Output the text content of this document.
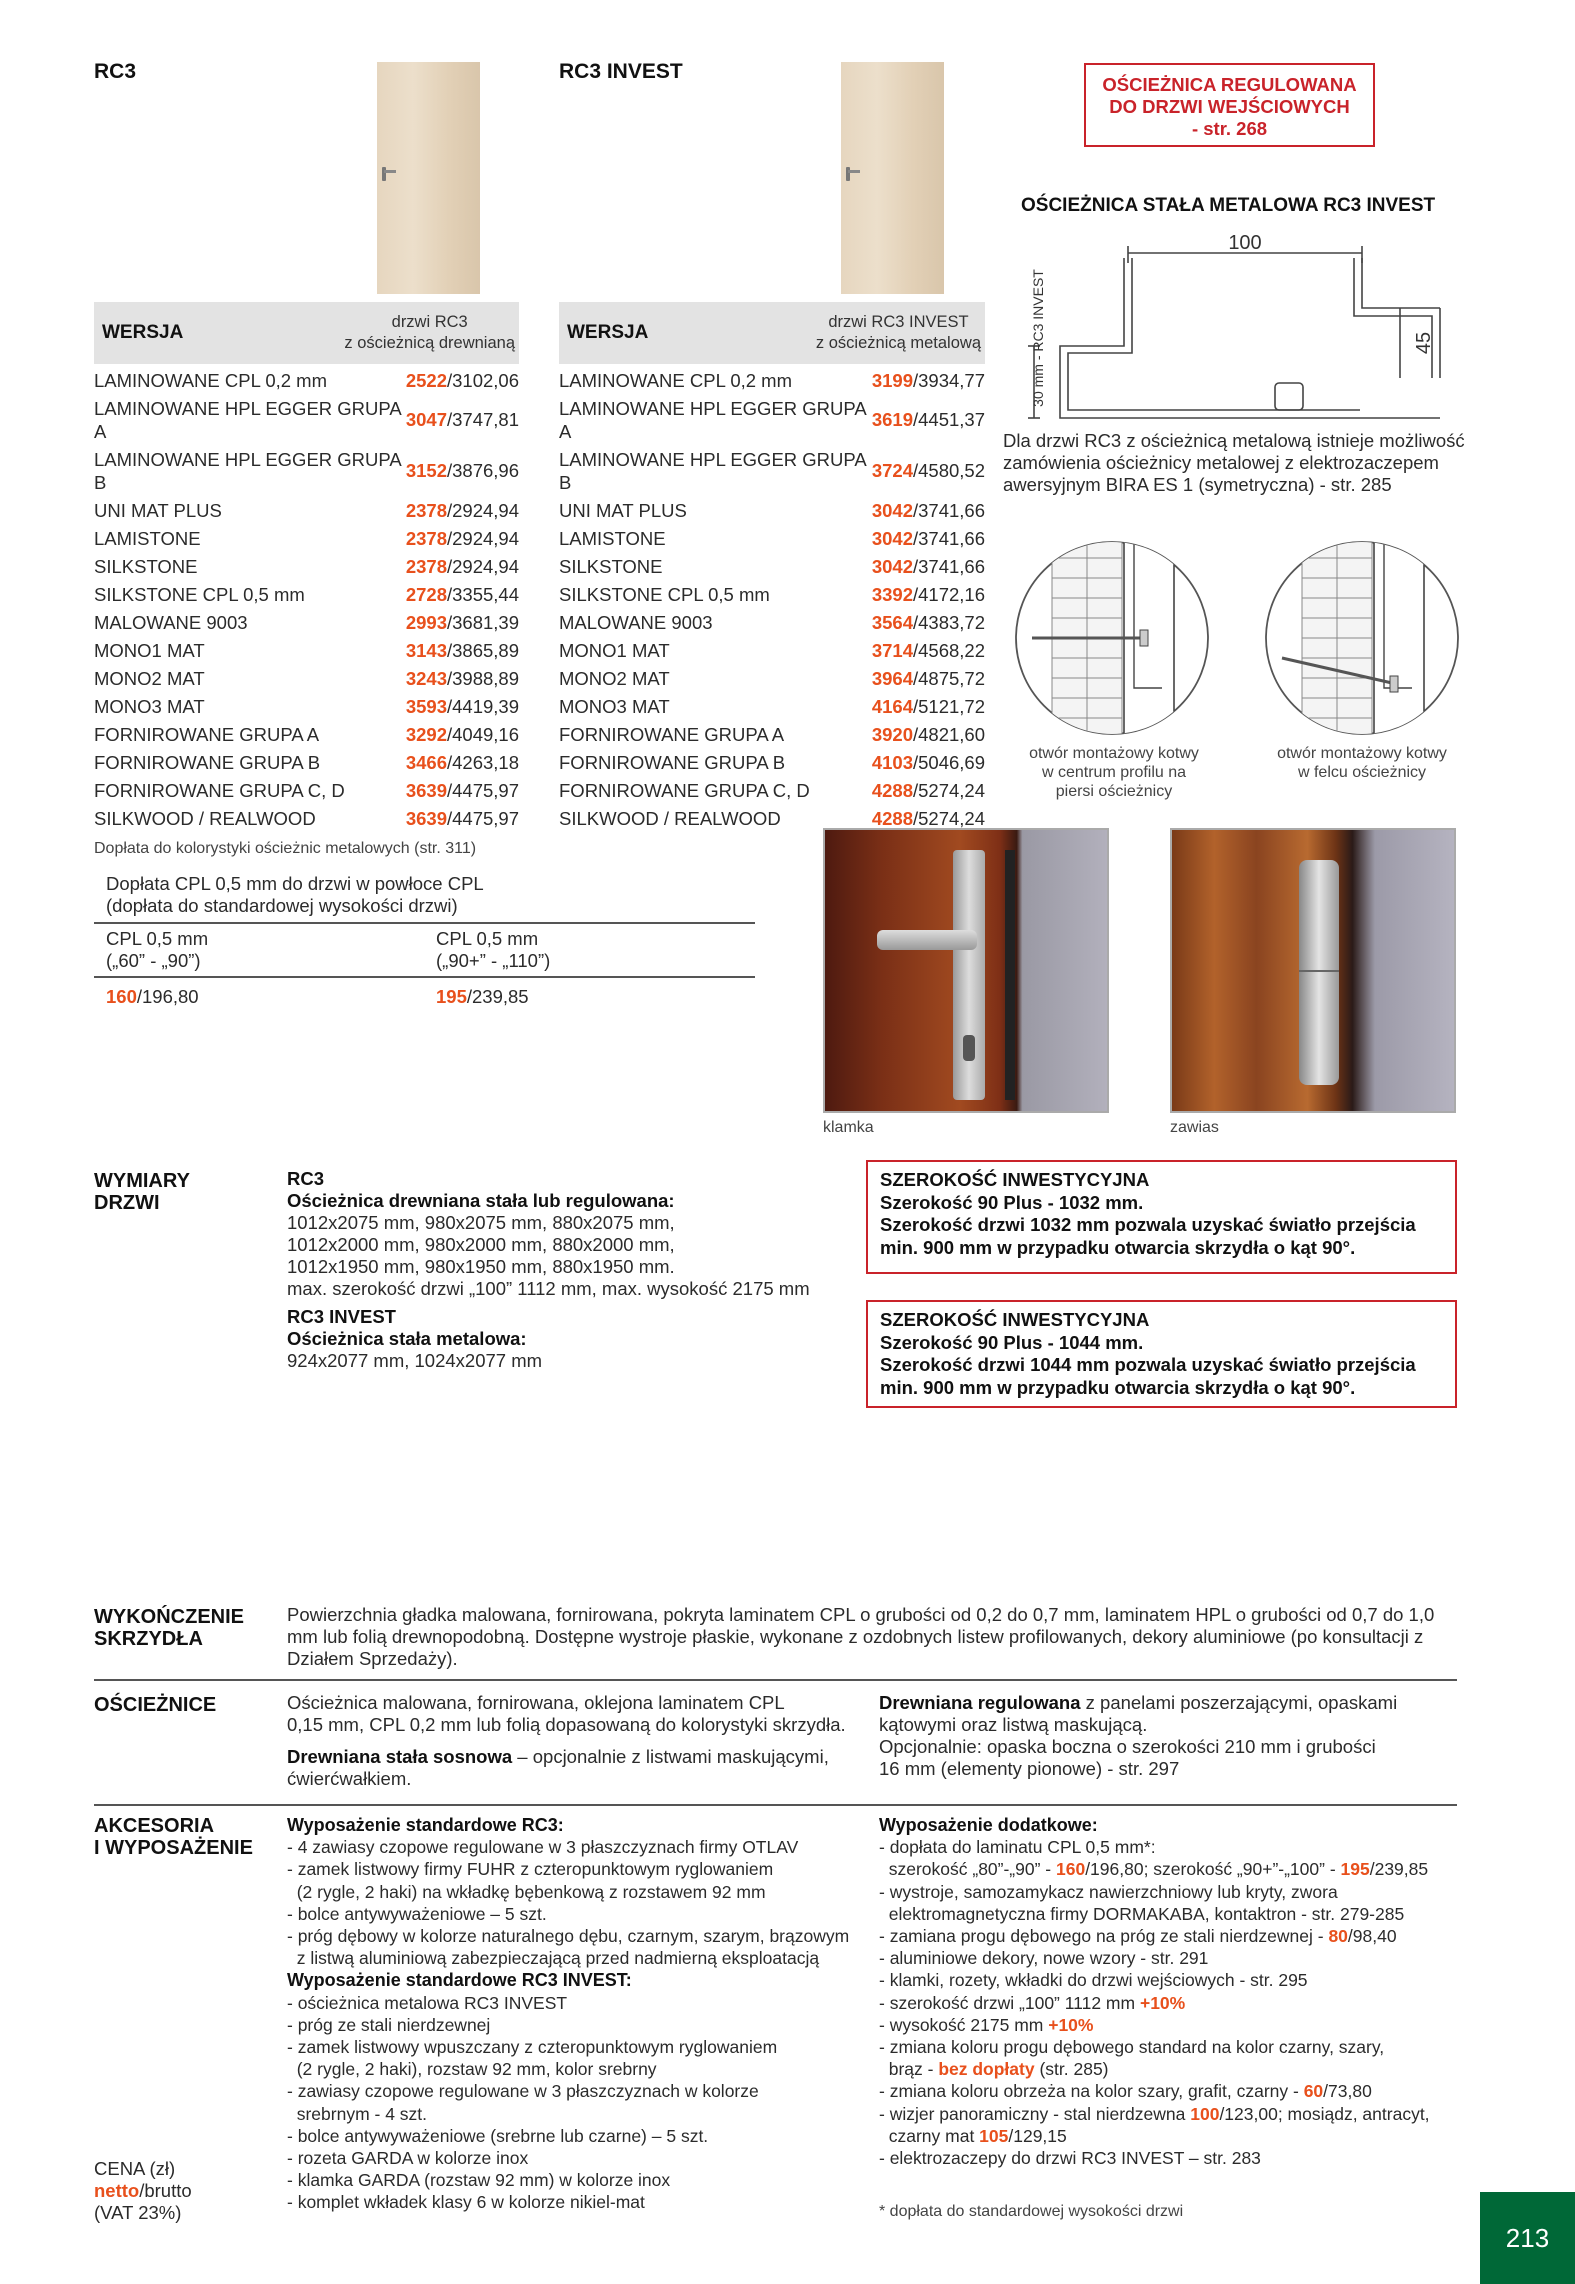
RC3
WERSJA	drzwi RC3
z ościeżnicą drewnianą
LAMINOWANE CPL 0,2 mm	2522/3102,06
LAMINOWANE HPL EGGER GRUPA A	3047/3747,81
LAMINOWANE HPL EGGER GRUPA B	3152/3876,96
UNI MAT PLUS	2378/2924,94
LAMISTONE	2378/2924,94
SILKSTONE	2378/2924,94
SILKSTONE CPL 0,5 mm	2728/3355,44
MALOWANE 9003	2993/3681,39
MONO1 MAT	3143/3865,89
MONO2 MAT	3243/3988,89
MONO3 MAT	3593/4419,39
FORNIROWANE GRUPA A	3292/4049,16
FORNIROWANE GRUPA B	3466/4263,18
FORNIROWANE GRUPA C, D	3639/4475,97
SILKWOOD / REALWOOD	3639/4475,97
RC3 INVEST
WERSJA	drzwi RC3 INVEST
z ościeżnicą metalową
LAMINOWANE CPL 0,2 mm	3199/3934,77
LAMINOWANE HPL EGGER GRUPA A	3619/4451,37
LAMINOWANE HPL EGGER GRUPA B	3724/4580,52
UNI MAT PLUS	3042/3741,66
LAMISTONE	3042/3741,66
SILKSTONE	3042/3741,66
SILKSTONE CPL 0,5 mm	3392/4172,16
MALOWANE 9003	3564/4383,72
MONO1 MAT	3714/4568,22
MONO2 MAT	3964/4875,72
MONO3 MAT	4164/5121,72
FORNIROWANE GRUPA A	3920/4821,60
FORNIROWANE GRUPA B	4103/5046,69
FORNIROWANE GRUPA C, D	4288/5274,24
SILKWOOD / REALWOOD	4288/5274,24
OŚCIEŻNICA REGULOWANA
DO DRZWI WEJŚCIOWYCH
- str. 268
OŚCIEŻNICA STAŁA METALOWA RC3 INVEST
100
45
30 mm - RC3 INVEST
Dla drzwi RC3 z ościeżnicą metalową istnieje możliwość zamówienia ościeżnicy metalowej z elektrozaczepem awersyjnym BIRA ES 1 (symetryczna) - str. 285
otwór montażowy kotwy
w centrum profilu na
piersi ościeżnicy
otwór montażowy kotwy
w felcu ościeżnicy
Dopłata do kolorystyki ościeżnic metalowych (str. 311)
Dopłata CPL 0,5 mm do drzwi w powłoce CPL
(dopłata do standardowej wysokości drzwi)
CPL 0,5 mm
(„60” - „90”)
CPL 0,5 mm
(„90+” - „110”)
160/196,80	195/239,85
klamka	zawias
WYMIARY
DRZWI
RC3
Ościeżnica drewniana stała lub regulowana:
1012x2075 mm, 980x2075 mm, 880x2075 mm,
1012x2000 mm, 980x2000 mm, 880x2000 mm,
1012x1950 mm, 980x1950 mm, 880x1950 mm.
max. szerokość drzwi „100” 1112 mm, max. wysokość 2175 mm
RC3 INVEST
Ościeżnica stała metalowa:
924x2077 mm, 1024x2077 mm
SZEROKOŚĆ INWESTYCYJNA
Szerokość 90 Plus - 1032 mm.
Szerokość drzwi 1032 mm pozwala uzyskać światło przejścia
min. 900 mm w przypadku otwarcia skrzydła o kąt 90°.
SZEROKOŚĆ INWESTYCYJNA
Szerokość 90 Plus - 1044 mm.
Szerokość drzwi 1044 mm pozwala uzyskać światło przejścia
min. 900 mm w przypadku otwarcia skrzydła o kąt 90°.
WYKOŃCZENIE
SKRZYDŁA
Powierzchnia gładka malowana, fornirowana, pokryta laminatem CPL o grubości od 0,2 do 0,7 mm, laminatem HPL o grubości od 0,7 do 1,0 mm lub folią drewnopodobną. Dostępne wystroje płaskie, wykonane z ozdobnych listew profilowanych, dekory aluminiowe (po konsultacji z Działem Sprzedaży).
OŚCIEŻNICE	Ościeżnica malowana, fornirowana, oklejona laminatem CPL
0,15 mm, CPL 0,2 mm lub folią dopasowaną do kolorystyki skrzydła.
Drewniana stała sosnowa – opcjonalnie z listwami maskującymi,
ćwierćwałkiem.
Drewniana regulowana z panelami poszerzającymi, opaskami
kątowymi oraz listwą maskującą.
Opcjonalnie: opaska boczna o szerokości 210 mm i grubości
16 mm (elementy pionowe) - str. 297
AKCESORIA
I WYPOSAŻENIE
Wyposażenie standardowe RC3:
- 4 zawiasy czopowe regulowane w 3 płaszczyznach firmy OTLAV
- zamek listwowy firmy FUHR z czteropunktowym ryglowaniem
(2 rygle, 2 haki) na wkładkę bębenkową z rozstawem 92 mm
- bolce antywyważeniowe – 5 szt.
- próg dębowy w kolorze naturalnego dębu, czarnym, szarym, brązowym
z listwą aluminiową zabezpieczającą przed nadmierną eksploatacją
Wyposażenie standardowe RC3 INVEST:
- ościeżnica metalowa RC3 INVEST
- próg ze stali nierdzewnej
- zamek listwowy wpuszczany z czteropunktowym ryglowaniem
(2 rygle, 2 haki), rozstaw 92 mm, kolor srebrny
- zawiasy czopowe regulowane w 3 płaszczyznach w kolorze
srebrnym - 4 szt.
- bolce antywyważeniowe (srebrne lub czarne) – 5 szt.
- rozeta GARDA w kolorze inox
- klamka GARDA (rozstaw 92 mm) w kolorze inox
- komplet wkładek klasy 6 w kolorze nikiel-mat
Wyposażenie dodatkowe:
- dopłata do laminatu CPL 0,5 mm*:
szerokość „80”-„90” - 160/196,80; szerokość „90+”-„100” - 195/239,85
- wystroje, samozamykacz nawierzchniowy lub kryty, zwora
elektromagnetyczna firmy DORMAKABA, kontaktron - str. 279-285
- zamiana progu dębowego na próg ze stali nierdzewnej - 80/98,40
- aluminiowe dekory, nowe wzory - str. 291
- klamki, rozety, wkładki do drzwi wejściowych - str. 295
- szerokość drzwi „100” 1112 mm +10%
- wysokość 2175 mm +10%
- zmiana koloru progu dębowego standard na kolor czarny, szary,
brąz - bez dopłaty (str. 285)
- zmiana koloru obrzeża na kolor szary, grafit, czarny - 60/73,80
- wizjer panoramiczny - stal nierdzewna 100/123,00; mosiądz, antracyt,
czarny mat 105/129,15
- elektrozaczepy do drzwi RC3 INVEST – str. 283
* dopłata do standardowej wysokości drzwi
CENA (zł)
netto/brutto
(VAT 23%)
213
